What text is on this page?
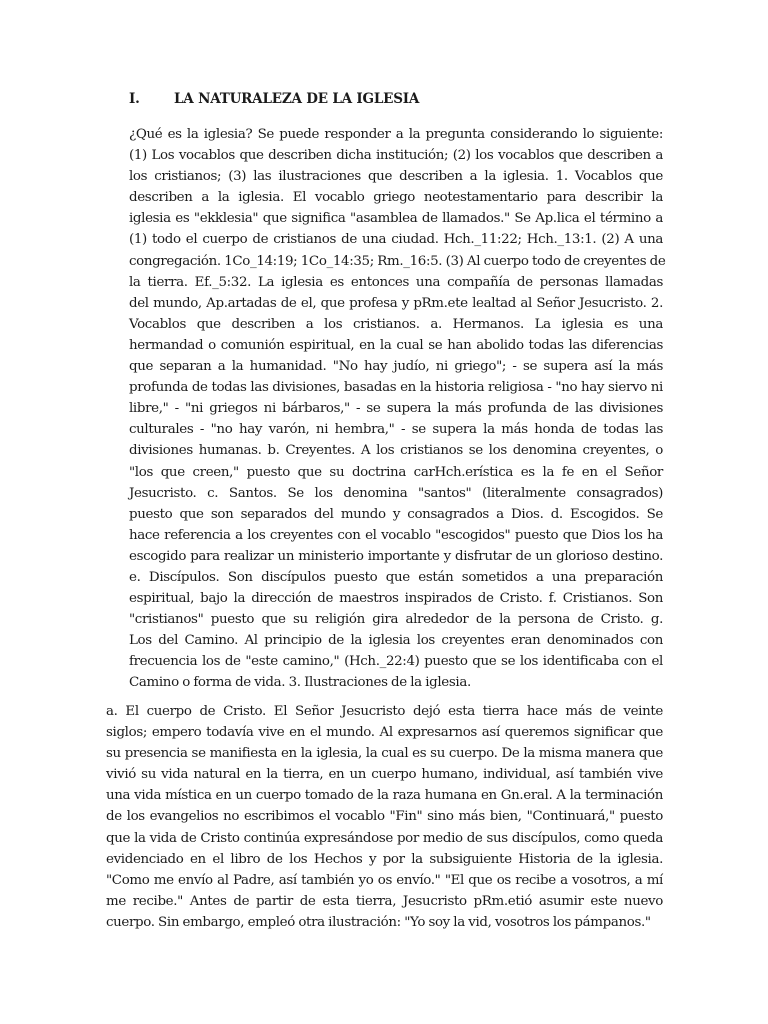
I.	LA NATURALEZA DE LA IGLESIA
¿Qué es la iglesia? Se puede responder a la pregunta considerando lo siguiente:
(1) Los vocablos que describen dicha institución; (2) los vocablos que describen a
los cristianos; (3) las ilustraciones que describen a la iglesia. 1. Vocablos que
describen a la iglesia. El vocablo griego neotestamentario para describir la
iglesia es "ekklesia" que significa "asamblea de llamados." Se Ap.lica el término a
(1) todo el cuerpo de cristianos de una ciudad. Hch._11:22; Hch._13:1. (2) A una
congregación. 1Co_14:19; 1Co_14:35; Rm._16:5. (3) Al cuerpo todo de creyentes de
la tierra. Ef._5:32. La iglesia es entonces una compañía de personas llamadas
del mundo, Ap.artadas de el, que profesa y pRm.ete lealtad al Señor Jesucristo. 2.
Vocablos que describen a los cristianos. a. Hermanos. La iglesia es una
hermandad o comunión espiritual, en la cual se han abolido todas las diferencias
que separan a la humanidad. "No hay judío, ni griego"; - se supera así la más
profunda de todas las divisiones, basadas en la historia religiosa - "no hay siervo ni
libre," - "ni griegos ni bárbaros," - se supera la más profunda de las divisiones
culturales - "no hay varón, ni hembra," - se supera la más honda de todas las
divisiones humanas. b. Creyentes. A los cristianos se los denomina creyentes, o
"los que creen," puesto que su doctrina carHch.erística es la fe en el Señor
Jesucristo. c. Santos. Se los denomina "santos" (literalmente consagrados)
puesto que son separados del mundo y consagrados a Dios. d. Escogidos. Se
hace referencia a los creyentes con el vocablo "escogidos" puesto que Dios los ha
escogido para realizar un ministerio importante y disfrutar de un glorioso destino.
e. Discípulos. Son discípulos puesto que están sometidos a una preparación
espiritual, bajo la dirección de maestros inspirados de Cristo. f. Cristianos. Son
"cristianos" puesto que su religión gira alrededor de la persona de Cristo. g.
Los del Camino. Al principio de la iglesia los creyentes eran denominados con
frecuencia los de "este camino," (Hch._22:4) puesto que se los identificaba con el
Camino o forma de vida. 3. Ilustraciones de la iglesia.
a. El cuerpo de Cristo. El Señor Jesucristo dejó esta tierra hace más de veinte
siglos; empero todavía vive en el mundo. Al expresarnos así queremos significar que
su presencia se manifiesta en la iglesia, la cual es su cuerpo. De la misma manera que
vivió su vida natural en la tierra, en un cuerpo humano, individual, así también vive
una vida mística en un cuerpo tomado de la raza humana en Gn.eral. A la terminación
de los evangelios no escribimos el vocablo "Fin" sino más bien, "Continuará," puesto
que la vida de Cristo continúa expresándose por medio de sus discípulos, como queda
evidenciado en el libro de los Hechos y por la subsiguiente Historia de la iglesia.
"Como me envío al Padre, así también yo os envío." "El que os recibe a vosotros, a mí
me recibe." Antes de partir de esta tierra, Jesucristo pRm.etió asumir este nuevo
cuerpo. Sin embargo, empleó otra ilustración: "Yo soy la vid, vosotros los pámpanos."
